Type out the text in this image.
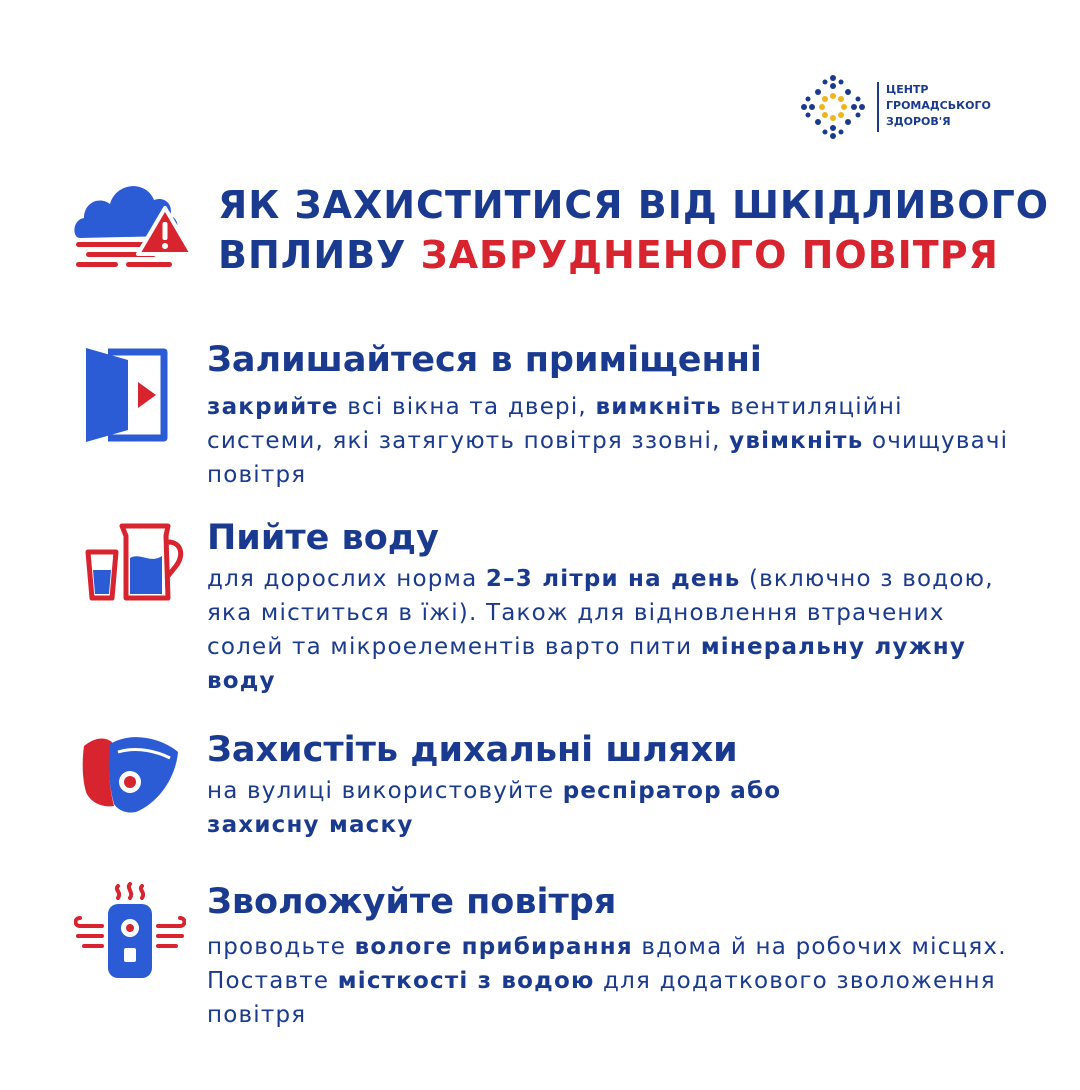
ЦЕНТР
ГРОМАДСЬКОГО
ЗДОРОВ'Я
ЯК ЗАХИСТИТИСЯ ВІД ШКІДЛИВОГО
ВПЛИВУ ЗАБРУДНЕНОГО ПОВІТРЯ
Залишайтеся в приміщенні
закрийте всі вікна та двері, вимкніть вентиляційні системи, які затягують повітря ззовні, увімкніть очищувачі повітря
Пийте воду
для дорослих норма 2–3 літри на день (включно з водою, яка міститься в їжі). Також для відновлення втрачених солей та мікроелементів варто пити мінеральну лужну воду
Захистіть дихальні шляхи
на вулиці використовуйте респіратор або захисну маску
Зволожуйте повітря
проводьте вологе прибирання вдома й на робочих місцях. Поставте місткості з водою для додаткового зволоження повітря
